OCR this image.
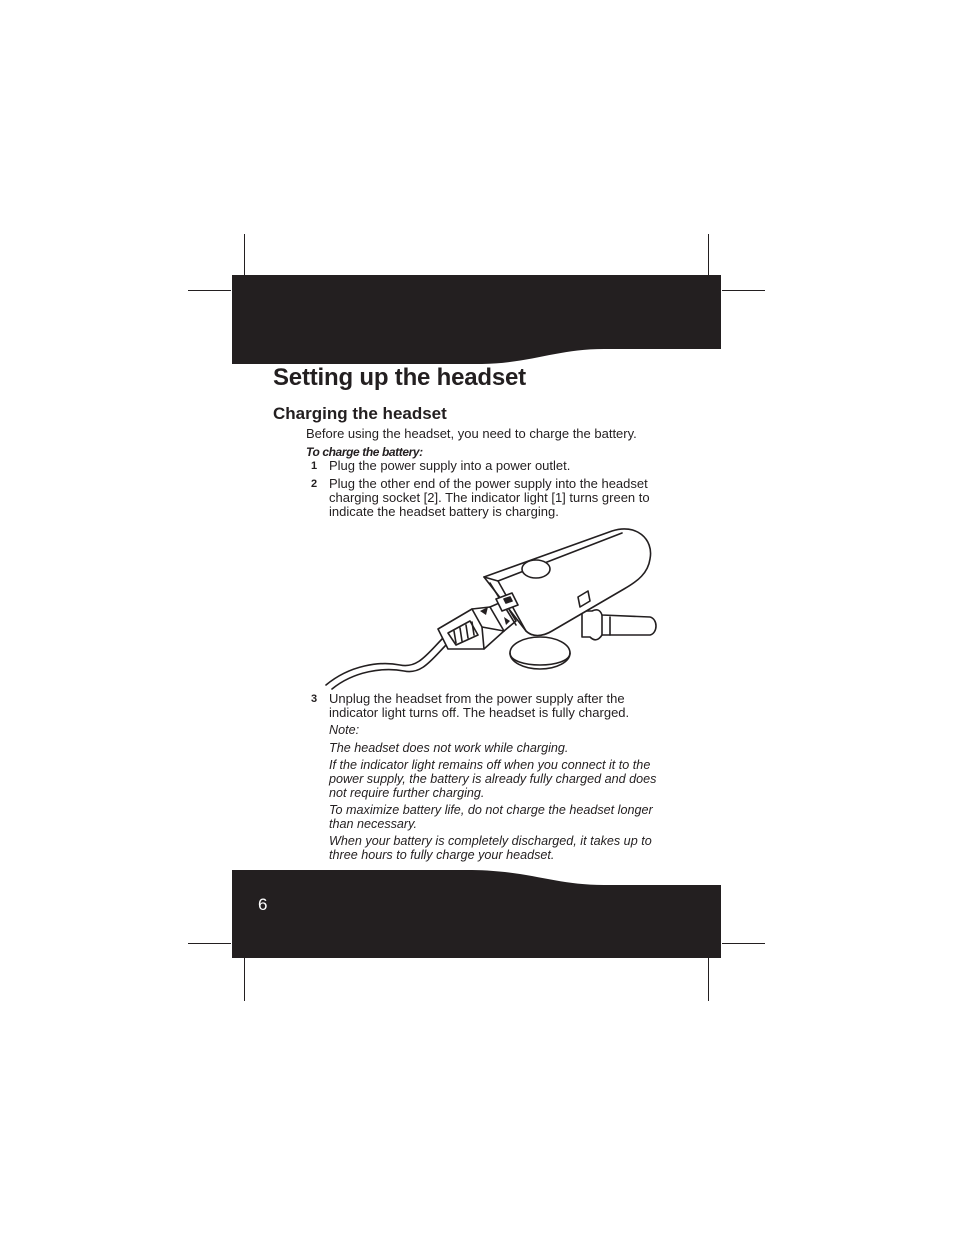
Setting up the headset
Charging the headset

Before using the headset, you need to charge the battery.

To charge the battery:

1 Plug the power supply into a power outlet.
2 Plug the other end of the power supply into the headset charging socket [2]. The indicator light [1] turns green to indicate the headset battery is charging.
3 Unplug the headset from the power supply after the indicator light turns off. The headset is fully charged.

Note:

The headset does not work while charging.

If the indicator light remains off when you connect it to the power supply, the battery is already fully charged and does not require further charging.

To maximize battery life, do not charge the headset longer than necessary.

When your battery is completely discharged, it takes up to three hours to fully charge your headset.

6
